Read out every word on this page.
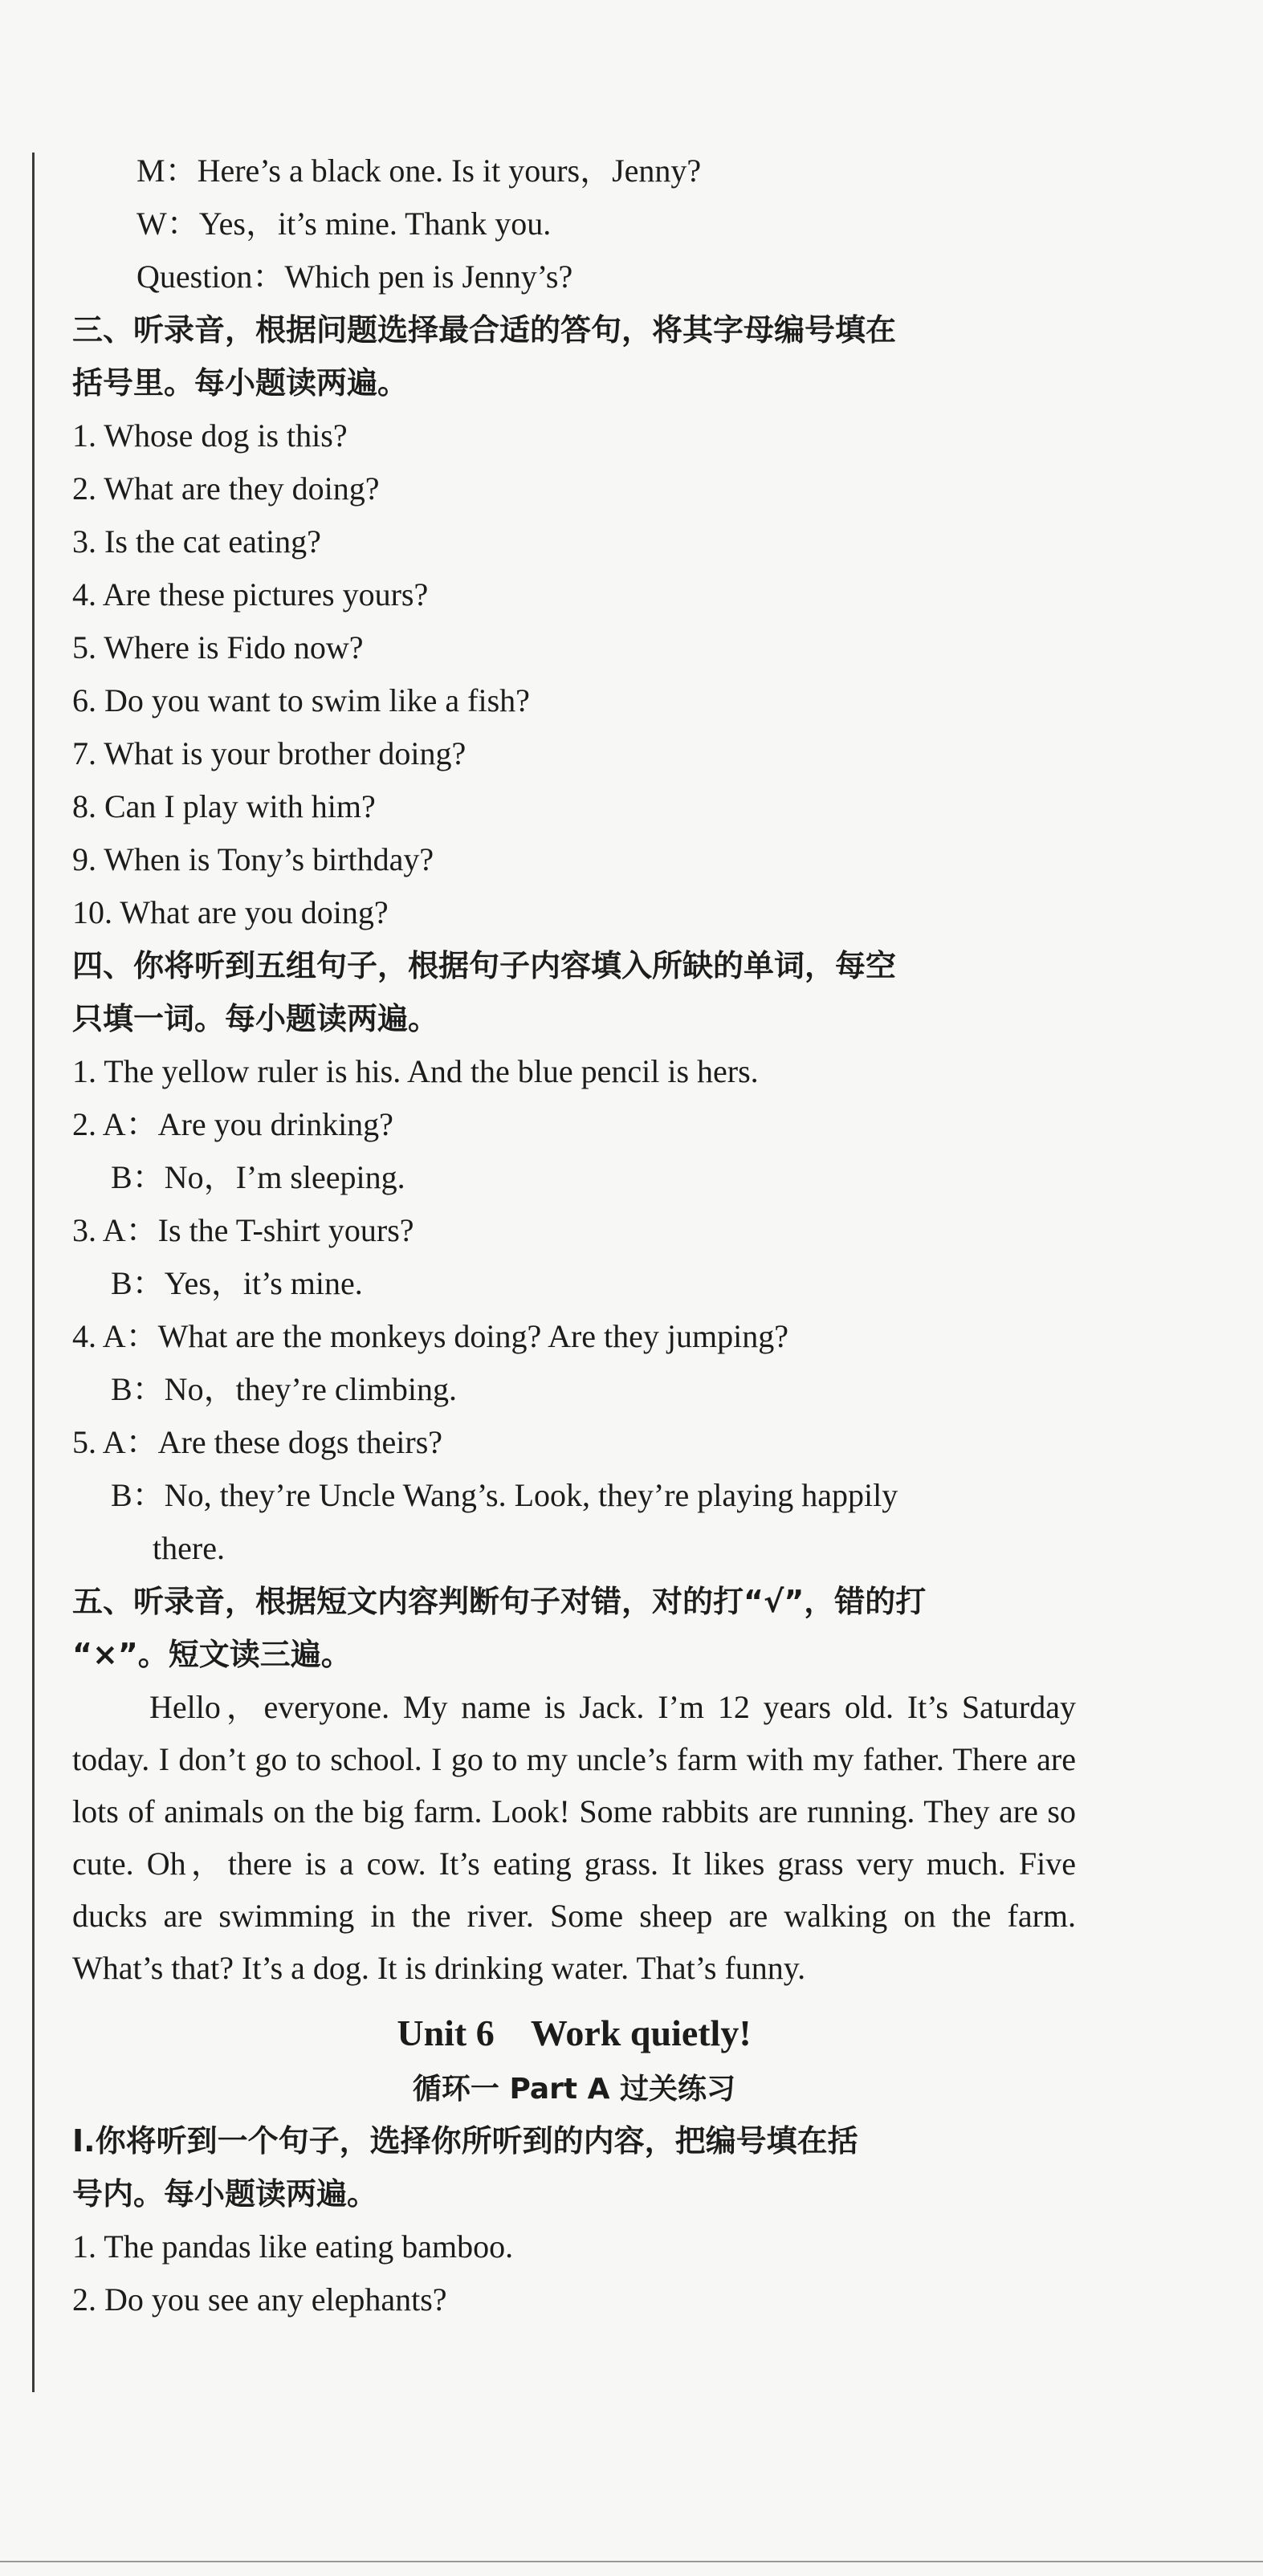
M：Here’s a black one. Is it yours，Jenny?
W：Yes，it’s mine. Thank you.
Question：Which pen is Jenny’s?
三、听录音，根据问题选择最合适的答句，将其字母编号填在
括号里。每小题读两遍。
1. Whose dog is this?
2. What are they doing?
3. Is the cat eating?
4. Are these pictures yours?
5. Where is Fido now?
6. Do you want to swim like a fish?
7. What is your brother doing?
8. Can I play with him?
9. When is Tony’s birthday?
10. What are you doing?
四、你将听到五组句子，根据句子内容填入所缺的单词，每空
只填一词。每小题读两遍。
1. The yellow ruler is his. And the blue pencil is hers.
2. A：Are you drinking?
B：No，I’m sleeping.
3. A：Is the T-shirt yours?
B：Yes，it’s mine.
4. A：What are the monkeys doing? Are they jumping?
B：No，they’re climbing.
5. A：Are these dogs theirs?
B：No, they’re Uncle Wang’s. Look, they’re playing happily
there.
五、听录音，根据短文内容判断句子对错，对的打“√”，错的打
“×”。短文读三遍。
Hello，everyone. My name is Jack. I’m 12 years old. It’s Saturday today. I don’t go to school. I go to my uncle’s farm with my father. There are lots of animals on the big farm. Look! Some rabbits are running. They are so cute. Oh，there is a cow. It’s eating grass. It likes grass very much. Five ducks are swimming in the river. Some sheep are walking on the farm. What’s that? It’s a dog. It is drinking water. That’s funny.
Unit 6    Work quietly!
循环一 Part A 过关练习
Ⅰ.你将听到一个句子，选择你所听到的内容，把编号填在括
号内。每小题读两遍。
1. The pandas like eating bamboo.
2. Do you see any elephants?
